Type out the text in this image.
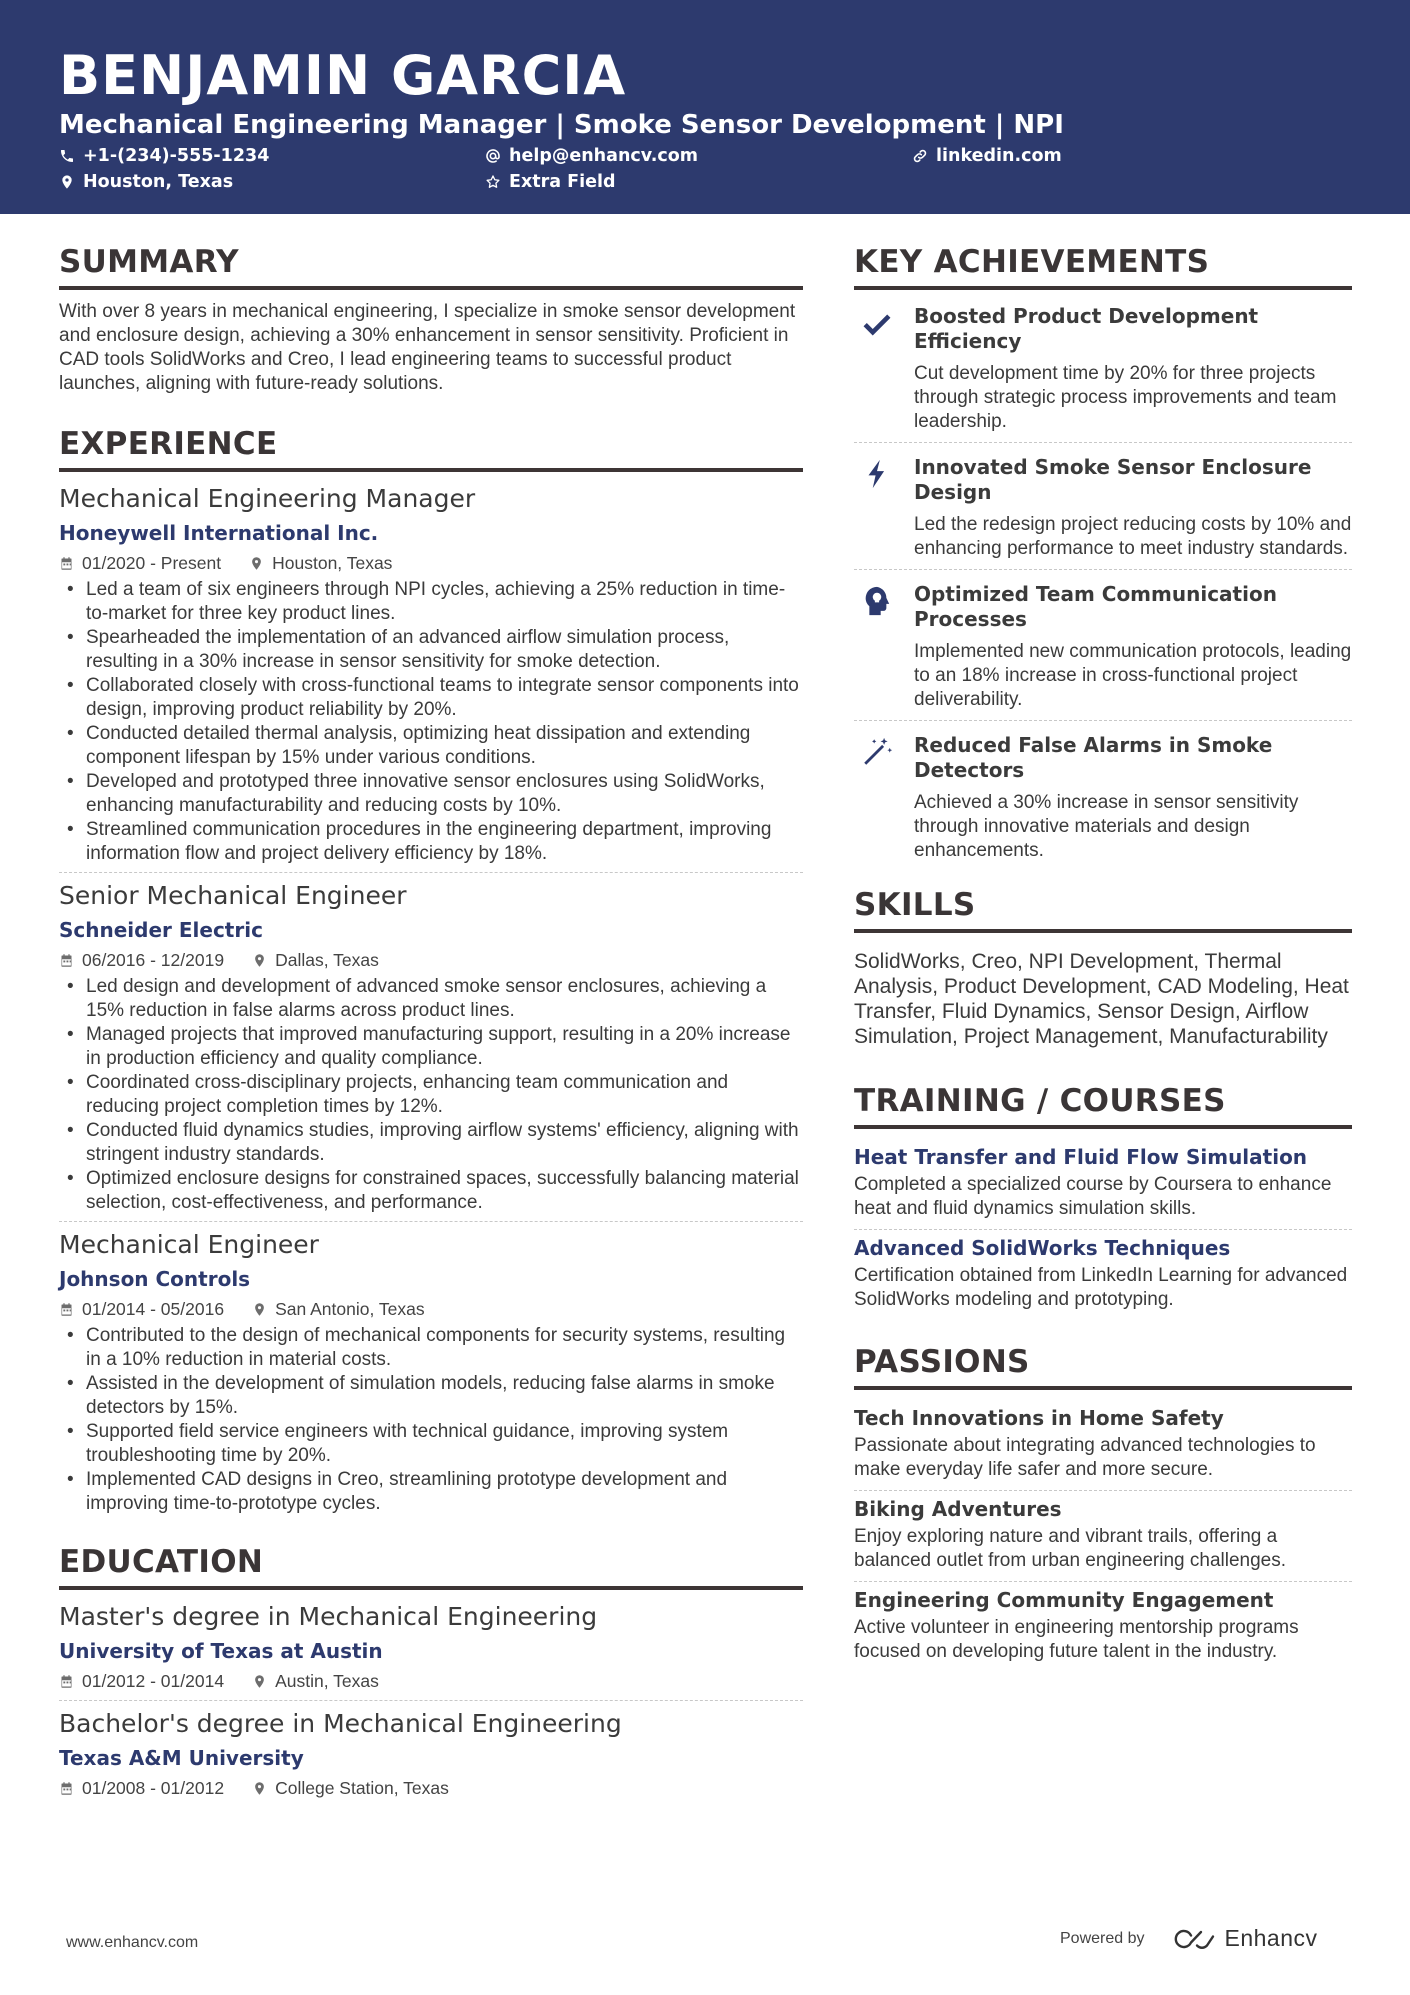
BENJAMIN GARCIA
Mechanical Engineering Manager | Smoke Sensor Development | NPI
+1-(234)-555-1234	help@enhancv.com	linkedin.com
Houston, Texas	Extra Field
SUMMARY
With over 8 years in mechanical engineering, I specialize in smoke sensor development and enclosure design, achieving a 30% enhancement in sensor sensitivity. Proficient in CAD tools SolidWorks and Creo, I lead engineering teams to successful product launches, aligning with future-ready solutions.
EXPERIENCE
Mechanical Engineering Manager
Honeywell International Inc.
01/2020 - Present	Houston, Texas
• Led a team of six engineers through NPI cycles, achieving a 25% reduction in time-to-market for three key product lines.
• Spearheaded the implementation of an advanced airflow simulation process, resulting in a 30% increase in sensor sensitivity for smoke detection.
• Collaborated closely with cross-functional teams to integrate sensor components into design, improving product reliability by 20%.
• Conducted detailed thermal analysis, optimizing heat dissipation and extending component lifespan by 15% under various conditions.
• Developed and prototyped three innovative sensor enclosures using SolidWorks, enhancing manufacturability and reducing costs by 10%.
• Streamlined communication procedures in the engineering department, improving information flow and project delivery efficiency by 18%.
Senior Mechanical Engineer
Schneider Electric
06/2016 - 12/2019	Dallas, Texas
• Led design and development of advanced smoke sensor enclosures, achieving a 15% reduction in false alarms across product lines.
• Managed projects that improved manufacturing support, resulting in a 20% increase in production efficiency and quality compliance.
• Coordinated cross-disciplinary projects, enhancing team communication and reducing project completion times by 12%.
• Conducted fluid dynamics studies, improving airflow systems' efficiency, aligning with stringent industry standards.
• Optimized enclosure designs for constrained spaces, successfully balancing material selection, cost-effectiveness, and performance.
Mechanical Engineer
Johnson Controls
01/2014 - 05/2016	San Antonio, Texas
• Contributed to the design of mechanical components for security systems, resulting in a 10% reduction in material costs.
• Assisted in the development of simulation models, reducing false alarms in smoke detectors by 15%.
• Supported field service engineers with technical guidance, improving system troubleshooting time by 20%.
• Implemented CAD designs in Creo, streamlining prototype development and improving time-to-prototype cycles.
EDUCATION
Master's degree in Mechanical Engineering
University of Texas at Austin
01/2012 - 01/2014	Austin, Texas
Bachelor's degree in Mechanical Engineering
Texas A&M University
01/2008 - 01/2012	College Station, Texas
KEY ACHIEVEMENTS
Boosted Product Development Efficiency
Cut development time by 20% for three projects through strategic process improvements and team leadership.
Innovated Smoke Sensor Enclosure Design
Led the redesign project reducing costs by 10% and enhancing performance to meet industry standards.
Optimized Team Communication Processes
Implemented new communication protocols, leading to an 18% increase in cross-functional project deliverability.
Reduced False Alarms in Smoke Detectors
Achieved a 30% increase in sensor sensitivity through innovative materials and design enhancements.
SKILLS
SolidWorks, Creo, NPI Development, Thermal Analysis, Product Development, CAD Modeling, Heat Transfer, Fluid Dynamics, Sensor Design, Airflow Simulation, Project Management, Manufacturability
TRAINING / COURSES
Heat Transfer and Fluid Flow Simulation
Completed a specialized course by Coursera to enhance heat and fluid dynamics simulation skills.
Advanced SolidWorks Techniques
Certification obtained from LinkedIn Learning for advanced SolidWorks modeling and prototyping.
PASSIONS
Tech Innovations in Home Safety
Passionate about integrating advanced technologies to make everyday life safer and more secure.
Biking Adventures
Enjoy exploring nature and vibrant trails, offering a balanced outlet from urban engineering challenges.
Engineering Community Engagement
Active volunteer in engineering mentorship programs focused on developing future talent in the industry.
www.enhancv.com	Powered by	Enhancv
